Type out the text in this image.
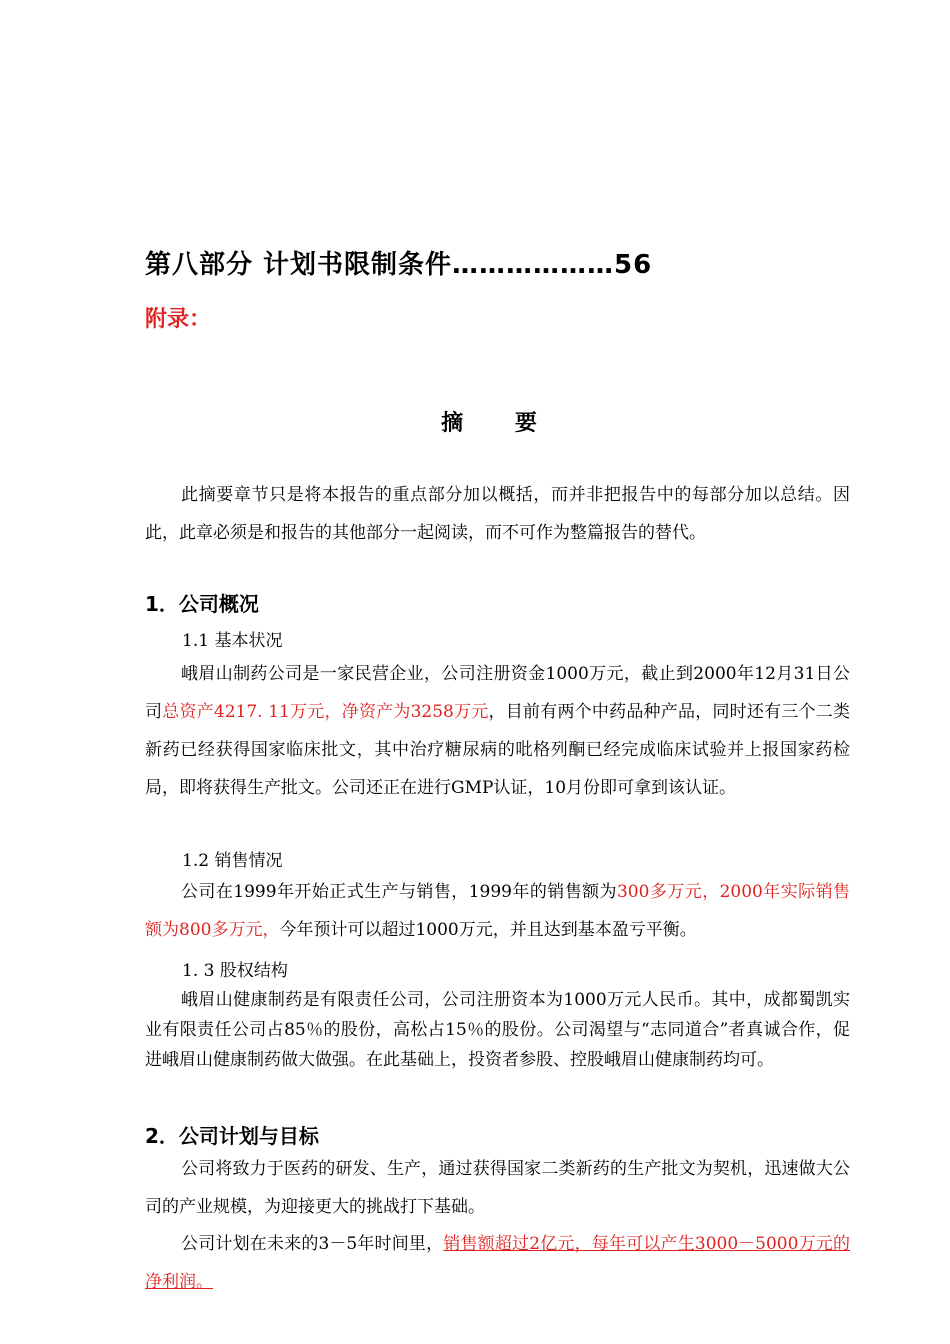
第八部分 计划书限制条件………………56
附录：
摘 要
此摘要章节只是将本报告的重点部分加以概括，而并非把报告中的每部分加以总结。因此，此章必须是和报告的其他部分一起阅读，而不可作为整篇报告的替代。
1．公司概况
1.1 基本状况
峨眉山制药公司是一家民营企业，公司注册资金1000万元，截止到2000年12月31日公司总资产4217. 11万元，净资产为3258万元，目前有两个中药品种产品，同时还有三个二类新药已经获得国家临床批文，其中治疗糖尿病的吡格列酮已经完成临床试验并上报国家药检局，即将获得生产批文。公司还正在进行GMP认证，10月份即可拿到该认证。
1.2 销售情况
公司在1999年开始正式生产与销售，1999年的销售额为300多万元，2000年实际销售额为800多万元，今年预计可以超过1000万元，并且达到基本盈亏平衡。
1. 3 股权结构
峨眉山健康制药是有限责任公司，公司注册资本为1000万元人民币。其中，成都蜀凯实业有限责任公司占85％的股份，高松占15％的股份。公司渴望与“志同道合”者真诚合作，促进峨眉山健康制药做大做强。在此基础上，投资者参股、控股峨眉山健康制药均可。
2．公司计划与目标
公司将致力于医药的研发、生产，通过获得国家二类新药的生产批文为契机，迅速做大公司的产业规模，为迎接更大的挑战打下基础。
公司计划在未来的3－5年时间里，销售额超过2亿元，每年可以产生3000－5000万元的净利润。
